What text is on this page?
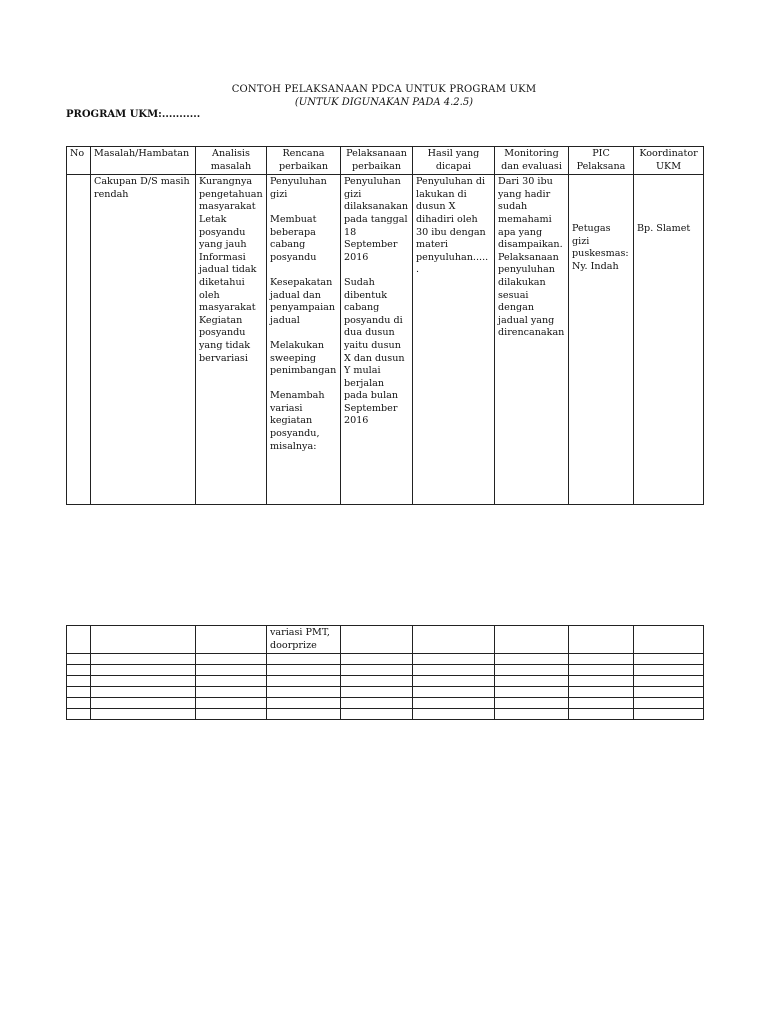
CONTOH PELAKSANAAN PDCA UNTUK PROGRAM UKM
(UNTUK DIGUNAKAN PADA 4.2.5)
PROGRAM UKM:...........
No	Masalah/Hambatan	Analisis masalah	Rencana perbaikan	Pelaksanaan perbaikan	Hasil yang dicapai	Monitoring dan evaluasi	PIC Pelaksana	Koordinator UKM
	Cakupan D/S masih rendah	Kurangnya pengetahuan masyarakat
Letak posyandu yang jauh
Informasi jadual tidak diketahui oleh masyarakat
Kegiatan posyandu yang tidak bervariasi	Penyuluhan gizi

Membuat beberapa cabang posyandu

Kesepakatan jadual dan penyampaian jadual

Melakukan sweeping penimbangan

Menambah variasi kegiatan posyandu, misalnya:	Penyuluhan gizi dilaksanakan pada tanggal 18 September 2016

Sudah dibentuk cabang posyandu di dua dusun yaitu dusun X dan dusun Y mulai berjalan pada bulan September 2016	Penyuluhan di lakukan di dusun X dihadiri oleh 30 ibu dengan materi penyuluhan......	Dari 30 ibu yang hadir sudah memahami apa yang disampaikan. Pelaksanaan penyuluhan dilakukan sesuai dengan jadual yang direncanakan	Petugas gizi puskesmas: Ny. Indah	Bp. Slamet
			variasi PMT, doorprize					
